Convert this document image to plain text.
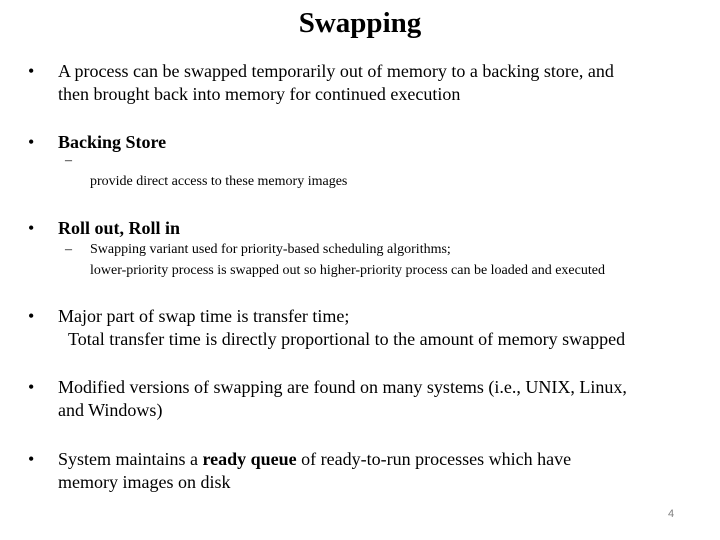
Swapping
• A process can be swapped temporarily out of memory to a backing store, and
then brought back into memory for continued execution
• Backing Store
–
provide direct access to these memory images
• Roll out, Roll in
– Swapping variant used for priority-based scheduling algorithms;
lower-priority process is swapped out so higher-priority process can be loaded and executed
• Major part of swap time is transfer time;
Total transfer time is directly proportional to the amount of memory swapped
• Modified versions of swapping are found on many systems (i.e., UNIX, Linux,
and Windows)
• System maintains a ready queue of ready-to-run processes which have
memory images on disk
4
